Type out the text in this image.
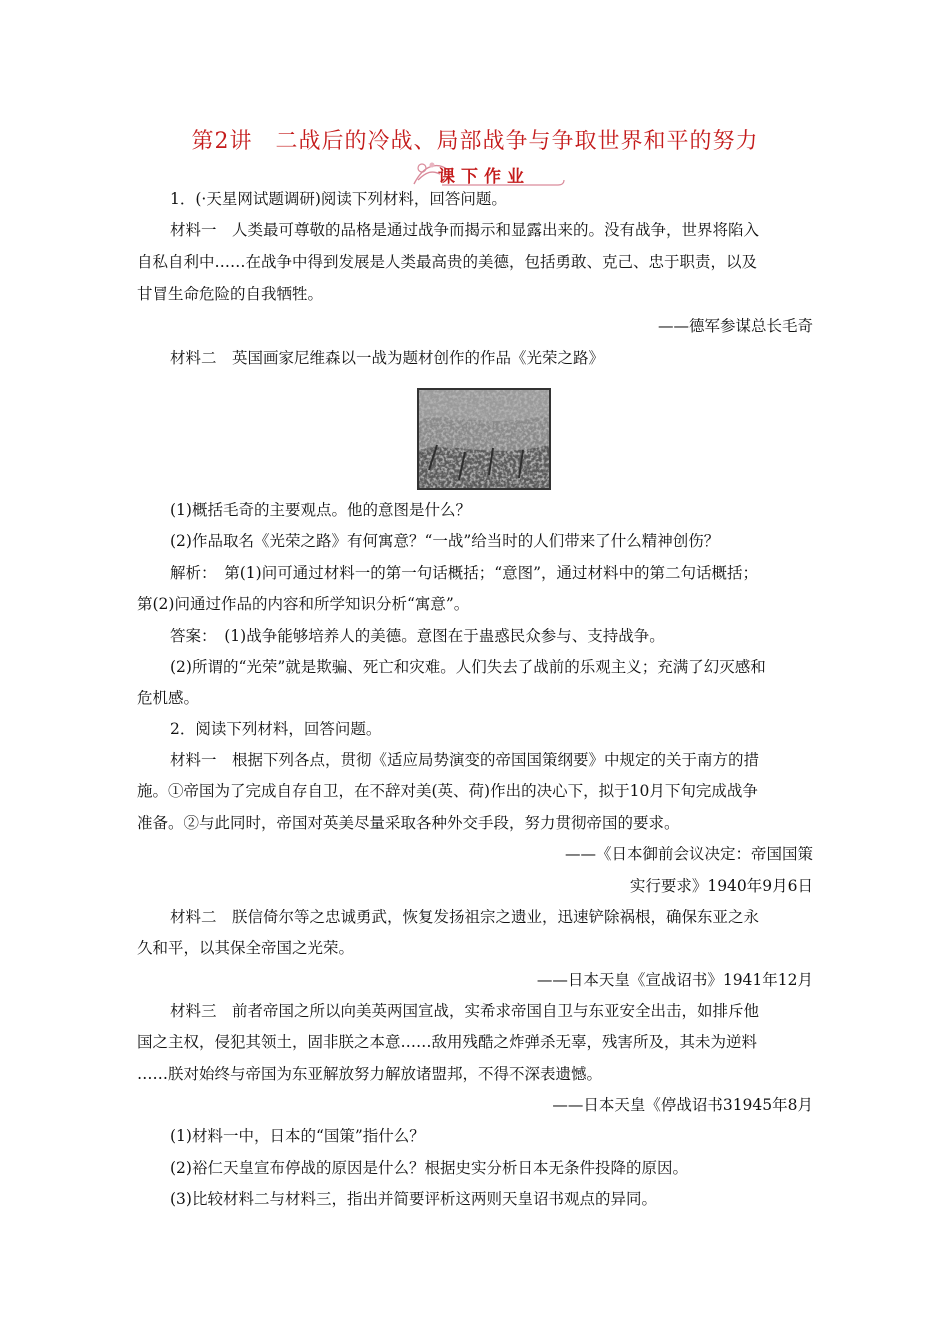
第2讲　二战后的冷战、局部战争与争取世界和平的努力
课下作业
1．(·天星网试题调研)阅读下列材料，回答问题。
材料一　人类最可尊敬的品格是通过战争而揭示和显露出来的。没有战争，世界将陷入
自私自利中……在战争中得到发展是人类最高贵的美德，包括勇敢、克己、忠于职责，以及
甘冒生命危险的自我牺牲。
——德军参谋总长毛奇
材料二　英国画家尼维森以一战为题材创作的作品《光荣之路》
(1)概括毛奇的主要观点。他的意图是什么？
(2)作品取名《光荣之路》有何寓意？“一战”给当时的人们带来了什么精神创伤？
解析：　第(1)问可通过材料一的第一句话概括；“意图”，通过材料中的第二句话概括；
第(2)问通过作品的内容和所学知识分析“寓意”。
答案：　(1)战争能够培养人的美德。意图在于蛊惑民众参与、支持战争。
(2)所谓的“光荣”就是欺骗、死亡和灾难。人们失去了战前的乐观主义；充满了幻灭感和
危机感。
2．阅读下列材料，回答问题。
材料一　根据下列各点，贯彻《适应局势演变的帝国国策纲要》中规定的关于南方的措
施。①帝国为了完成自存自卫，在不辞对美(英、荷)作出的决心下，拟于10月下旬完成战争
准备。②与此同时，帝国对英美尽量采取各种外交手段，努力贯彻帝国的要求。
——《日本御前会议决定：帝国国策
实行要求》1940年9月6日
材料二　朕信倚尔等之忠诚勇武，恢复发扬祖宗之遗业，迅速铲除祸根，确保东亚之永
久和平，以其保全帝国之光荣。
——日本天皇《宣战诏书》1941年12月
材料三　前者帝国之所以向美英两国宣战，实希求帝国自卫与东亚安全出击，如排斥他
国之主权，侵犯其领土，固非朕之本意……敌用残酷之炸弹杀无辜，残害所及，其未为逆料
……朕对始终与帝国为东亚解放努力解放诸盟邦，不得不深表遗憾。
——日本天皇《停战诏书31945年8月
(1)材料一中，日本的“国策”指什么？
(2)裕仁天皇宣布停战的原因是什么？根据史实分析日本无条件投降的原因。
(3)比较材料二与材料三，指出并简要评析这两则天皇诏书观点的异同。
